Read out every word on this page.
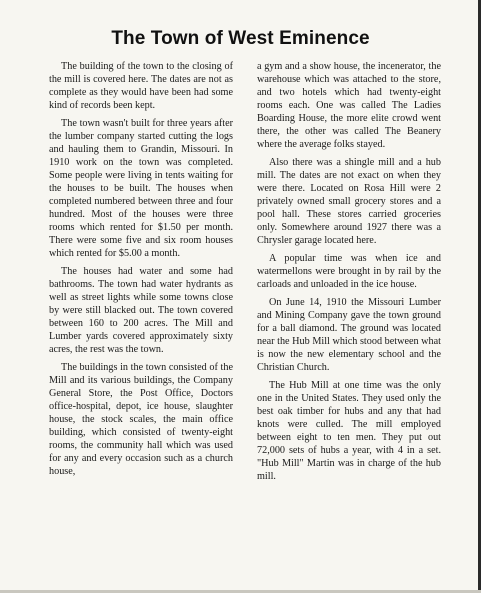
The Town of West Eminence

The building of the town to the closing of the mill is covered here. The dates are not as complete as they would have been had some kind of records been kept.

The town wasn't built for three years after the lumber company started cutting the logs and hauling them to Grandin, Missouri. In 1910 work on the town was completed. Some people were living in tents waiting for the houses to be built. The houses when completed numbered between three and four hundred. Most of the houses were three rooms which rented for $1.50 per month. There were some five and six room houses which rented for $5.00 a month.

The houses had water and some had bathrooms. The town had water hydrants as well as street lights while some towns close by were still blacked out. The town covered between 160 to 200 acres. The Mill and Lumber yards covered approximately sixty acres, the rest was the town.

The buildings in the town consisted of the Mill and its various buildings, the Company General Store, the Post Office, Doctors office-hospital, depot, ice house, slaughter house, the stock scales, the main office building, which consisted of twenty-eight rooms, the community hall which was used for any and every occasion such as a church house,

a gym and a show house, the incenerator, the warehouse which was attached to the store, and two hotels which had twenty-eight rooms each. One was called The Ladies Boarding House, the more elite crowd went there, the other was called The Beanery where the average folks stayed.

Also there was a shingle mill and a hub mill. The dates are not exact on when they were there. Located on Rosa Hill were 2 privately owned small grocery stores and a pool hall. These stores carried groceries only. Somewhere around 1927 there was a Chrysler garage located here.

A popular time was when ice and watermellons were brought in by rail by the carloads and unloaded in the ice house.

On June 14, 1910 the Missouri Lumber and Mining Company gave the town ground for a ball diamond. The ground was located near the Hub Mill which stood between what is now the new elementary school and the Christian Church.

The Hub Mill at one time was the only one in the United States. They used only the best oak timber for hubs and any that had knots were culled. The mill employed between eight to ten men. They put out 72,000 sets of hubs a year, with 4 in a set. "Hub Mill" Martin was in charge of the hub mill.
